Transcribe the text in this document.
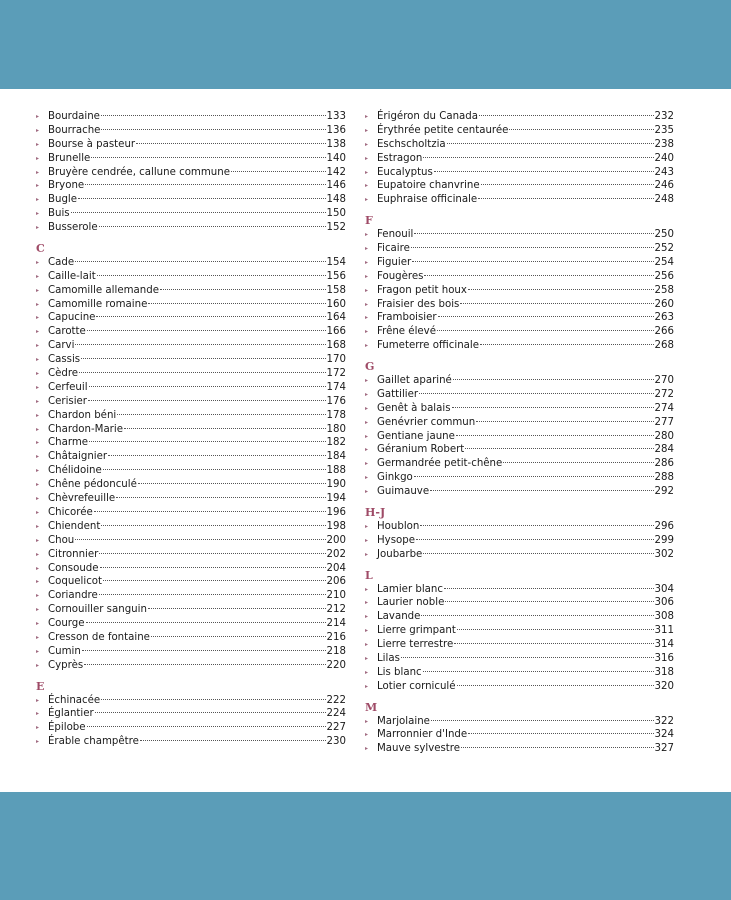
▸ Bourdaine	133
▸ Bourrache	136
▸ Bourse à pasteur	138
▸ Brunelle	140
▸ Bruyère cendrée, callune commune	142
▸ Bryone	146
▸ Bugle	148
▸ Buis	150
▸ Busserole	152
C
▸ Cade	154
▸ Caille-lait	156
▸ Camomille allemande	158
▸ Camomille romaine	160
▸ Capucine	164
▸ Carotte	166
▸ Carvi	168
▸ Cassis	170
▸ Cèdre	172
▸ Cerfeuil	174
▸ Cerisier	176
▸ Chardon béni	178
▸ Chardon-Marie	180
▸ Charme	182
▸ Châtaignier	184
▸ Chélidoine	188
▸ Chêne pédonculé	190
▸ Chèvrefeuille	194
▸ Chicorée	196
▸ Chiendent	198
▸ Chou	200
▸ Citronnier	202
▸ Consoude	204
▸ Coquelicot	206
▸ Coriandre	210
▸ Cornouiller sanguin	212
▸ Courge	214
▸ Cresson de fontaine	216
▸ Cumin	218
▸ Cyprès	220
E
▸ Échinacée	222
▸ Églantier	224
▸ Épilobe	227
▸ Érable champêtre	230
▸ Érigéron du Canada	232
▸ Érythrée petite centaurée	235
▸ Eschscholtzia	238
▸ Estragon	240
▸ Eucalyptus	243
▸ Eupatoire chanvrine	246
▸ Euphraise officinale	248
F
▸ Fenouil	250
▸ Ficaire	252
▸ Figuier	254
▸ Fougères	256
▸ Fragon petit houx	258
▸ Fraisier des bois	260
▸ Framboisier	263
▸ Frêne élevé	266
▸ Fumeterre officinale	268
G
▸ Gaillet apariné	270
▸ Gattilier	272
▸ Genêt à balais	274
▸ Genévrier commun	277
▸ Gentiane jaune	280
▸ Géranium Robert	284
▸ Germandrée petit-chêne	286
▸ Ginkgo	288
▸ Guimauve	292
H-J
▸ Houblon	296
▸ Hysope	299
▸ Joubarbe	302
L
▸ Lamier blanc	304
▸ Laurier noble	306
▸ Lavande	308
▸ Lierre grimpant	311
▸ Lierre terrestre	314
▸ Lilas	316
▸ Lis blanc	318
▸ Lotier corniculé	320
M
▸ Marjolaine	322
▸ Marronnier d'Inde	324
▸ Mauve sylvestre	327
